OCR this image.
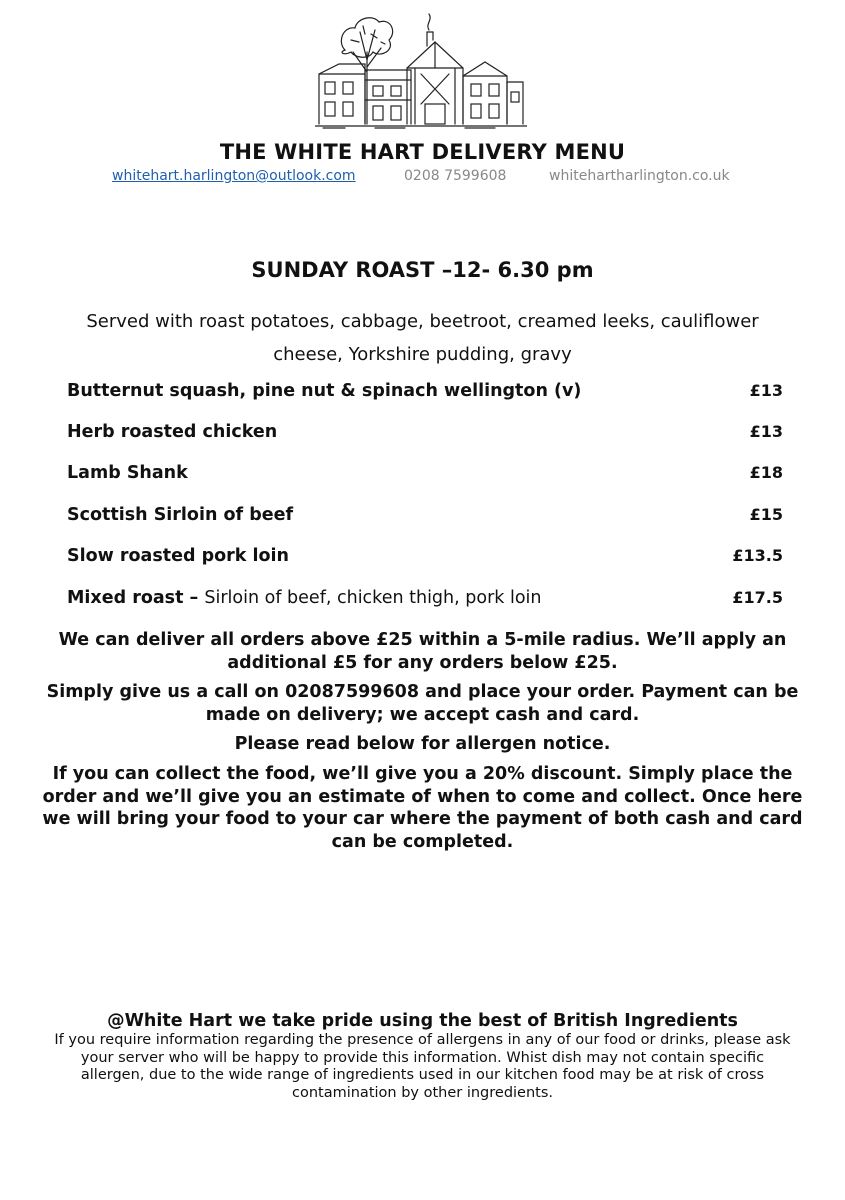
THE WHITE HART DELIVERY MENU
whitehart.harlington@outlook.com	0208 7599608	whitehartharlington.co.uk
SUNDAY ROAST –12- 6.30 pm
Served with roast potatoes, cabbage, beetroot, creamed leeks, cauliflower cheese, Yorkshire pudding, gravy
Butternut squash, pine nut & spinach wellington (v)	£13
Herb roasted chicken	£13
Lamb Shank	£18
Scottish Sirloin of beef	£15
Slow roasted pork loin	£13.5
Mixed roast – Sirloin of beef, chicken thigh, pork loin	£17.5
We can deliver all orders above £25 within a 5-mile radius. We’ll apply an additional £5 for any orders below £25.
Simply give us a call on 02087599608 and place your order. Payment can be made on delivery; we accept cash and card.
Please read below for allergen notice.
If you can collect the food, we’ll give you a 20% discount. Simply place the order and we’ll give you an estimate of when to come and collect. Once here we will bring your food to your car where the payment of both cash and card can be completed.
@White Hart we take pride using the best of British Ingredients
If you require information regarding the presence of allergens in any of our food or drinks, please ask your server who will be happy to provide this information. Whist dish may not contain specific allergen, due to the wide range of ingredients used in our kitchen food may be at risk of cross contamination by other ingredients.
